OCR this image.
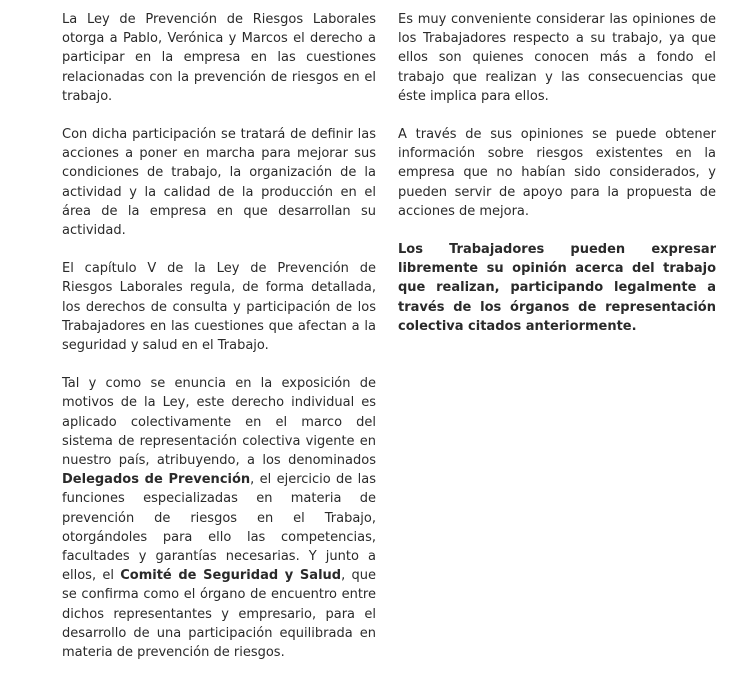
La Ley de Prevención de Riesgos Laborales otorga a Pablo, Verónica y Marcos el derecho a participar en la empresa en las cuestiones relacionadas con la prevención de riesgos en el trabajo.

Con dicha participación se tratará de definir las acciones a poner en marcha para mejorar sus condiciones de trabajo, la organización de la actividad y la calidad de la producción en el área de la empresa en que desarrollan su actividad.

El capítulo V de la Ley de Prevención de Riesgos Laborales regula, de forma detallada, los derechos de consulta y participación de los Trabajadores en las cuestiones que afectan a la seguridad y salud en el Trabajo.

Tal y como se enuncia en la exposición de motivos de la Ley, este derecho individual es aplicado colectivamente en el marco del sistema de representación colectiva vigente en nuestro país, atribuyendo, a los denominados Delegados de Prevención, el ejercicio de las funciones especializadas en materia de prevención de riesgos en el Trabajo, otorgándoles para ello las competencias, facultades y garantías necesarias. Y junto a ellos, el Comité de Seguridad y Salud, que se confirma como el órgano de encuentro entre dichos representantes y empresario, para el desarrollo de una participación equilibrada en materia de prevención de riesgos.

Es muy conveniente considerar las opiniones de los Trabajadores respecto a su trabajo, ya que ellos son quienes conocen más a fondo el trabajo que realizan y las consecuencias que éste implica para ellos.

A través de sus opiniones se puede obtener información sobre riesgos existentes en la empresa que no habían sido considerados, y pueden servir de apoyo para la propuesta de acciones de mejora.

Los Trabajadores pueden expresar libremente su opinión acerca del trabajo que realizan, participando legalmente a través de los órganos de representación colectiva citados anteriormente.
